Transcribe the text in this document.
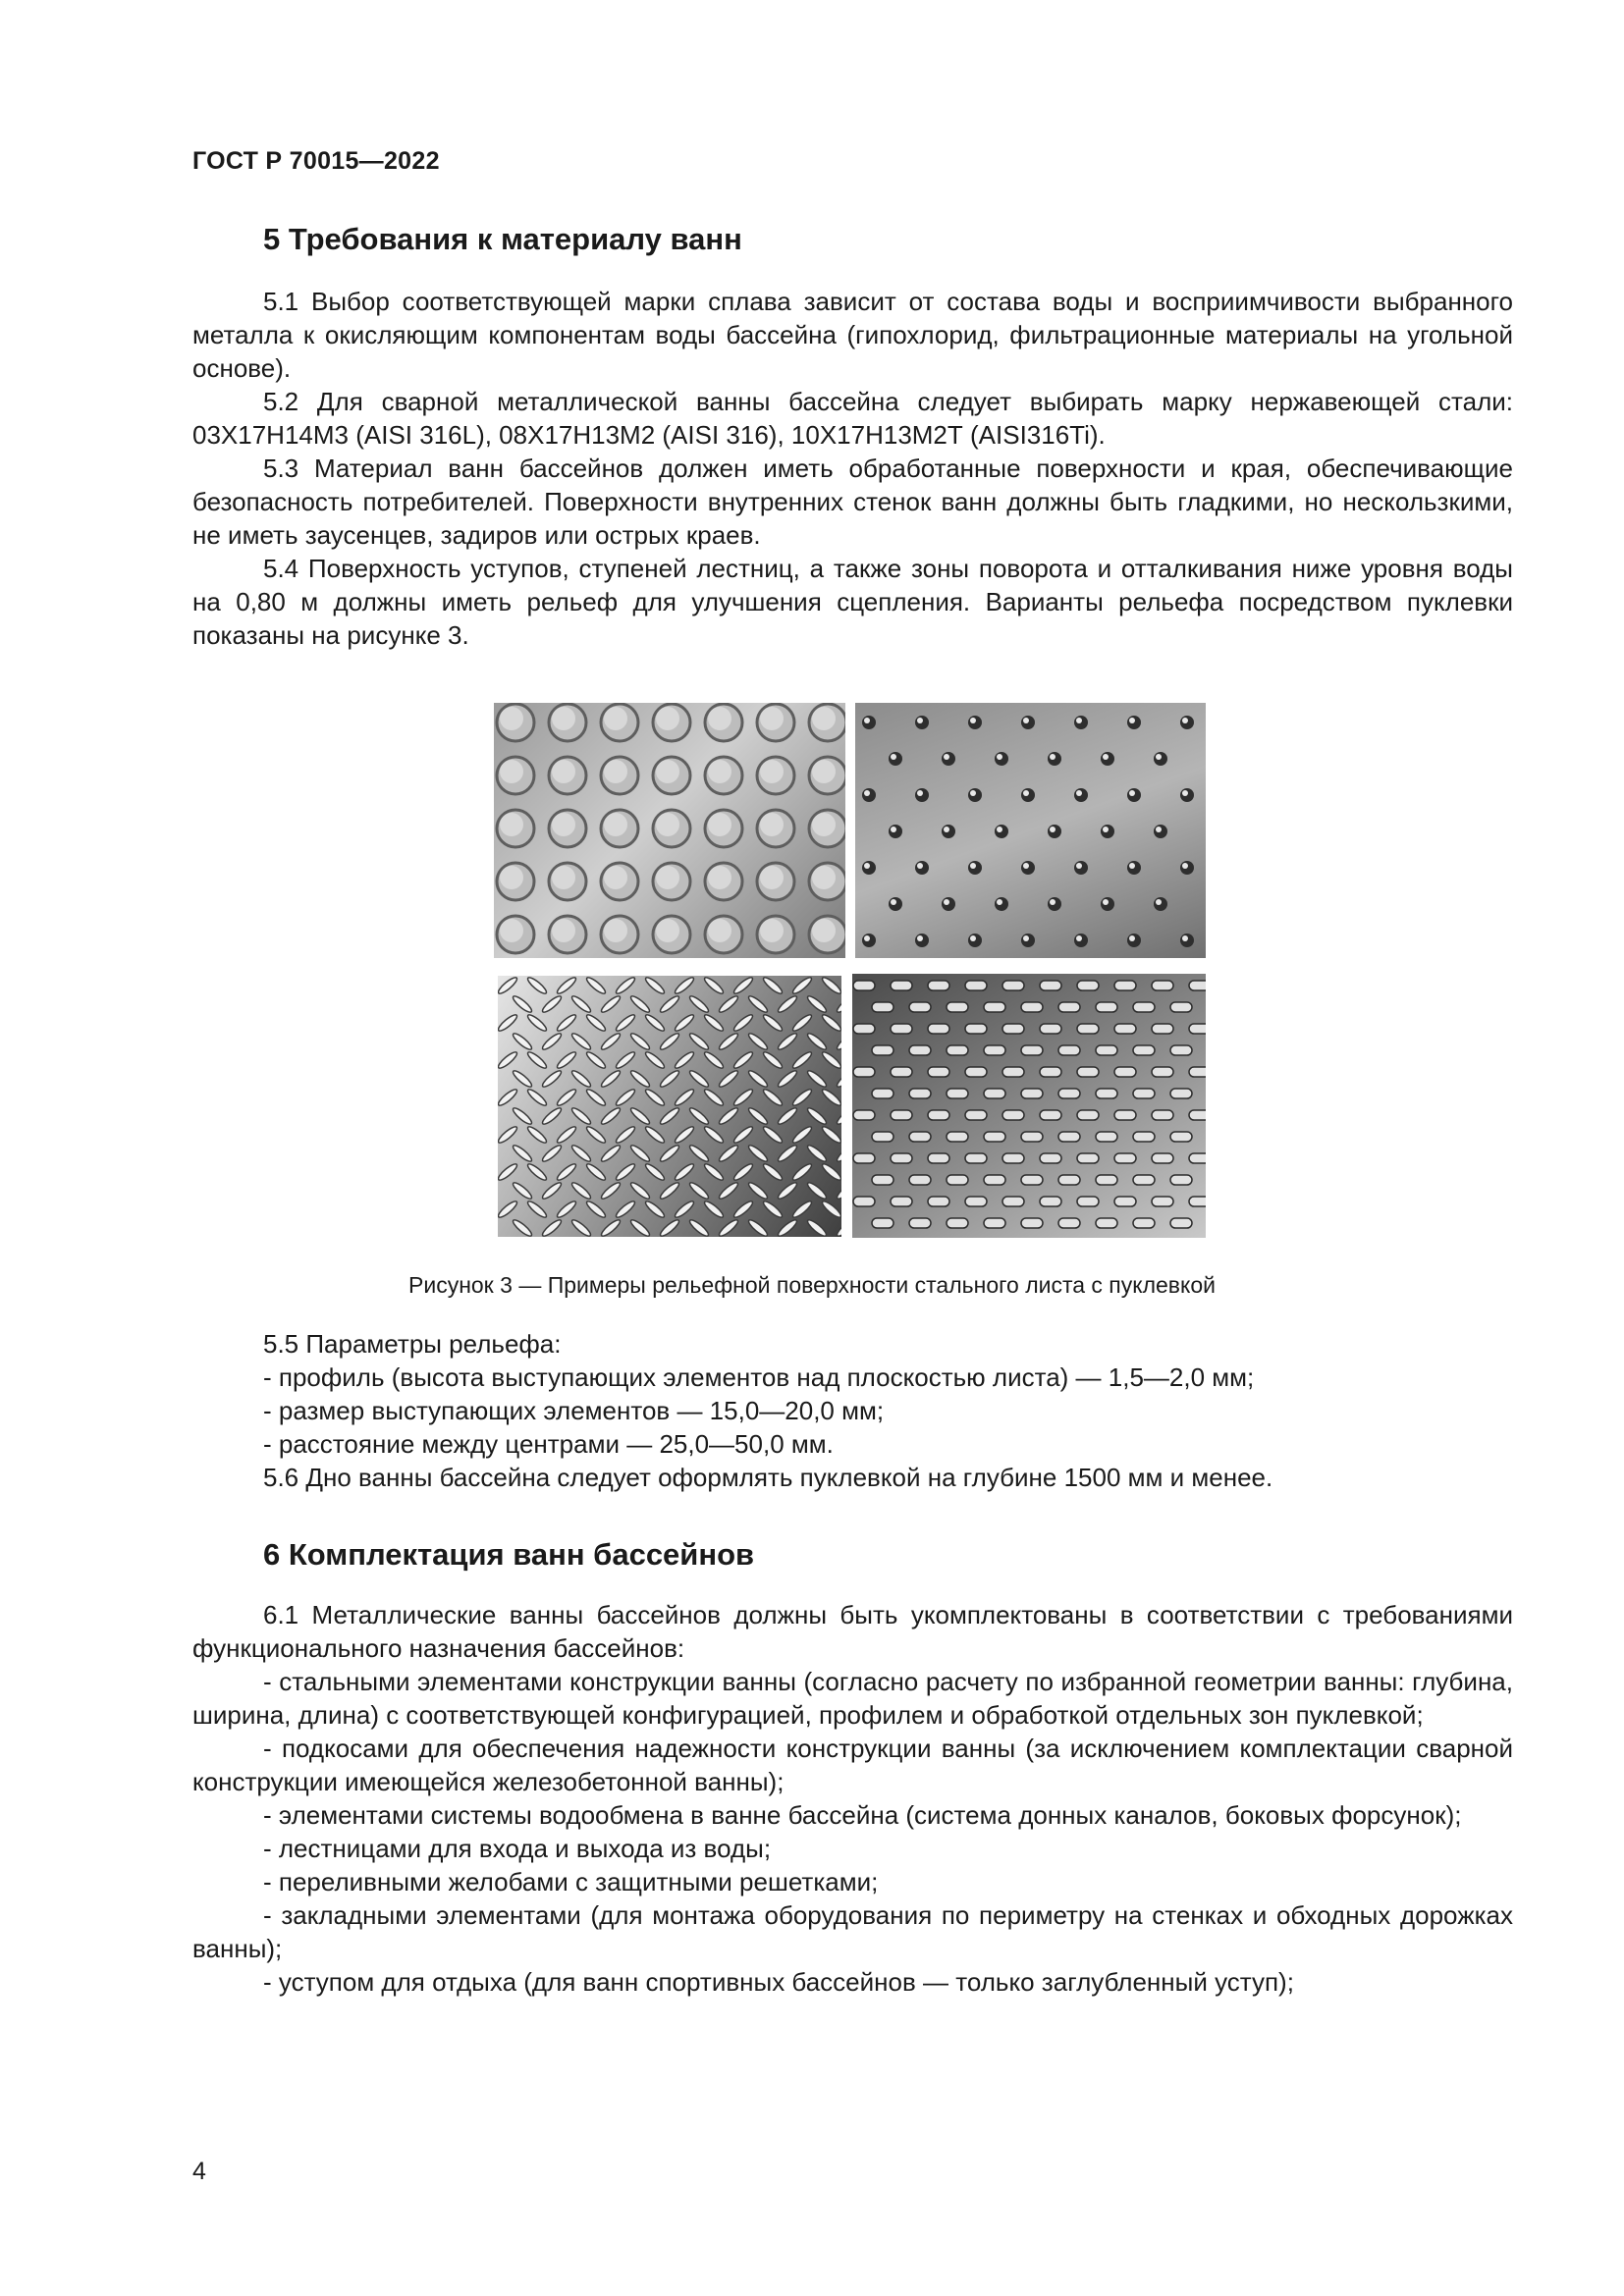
ГОСТ Р 70015—2022
5 Требования к материалу ванн

5.1 Выбор соответствующей марки сплава зависит от состава воды и восприимчивости выбранного металла к окисляющим компонентам воды бассейна (гипохлорид, фильтрационные материалы на угольной основе).

5.2 Для сварной металлической ванны бассейна следует выбирать марку нержавеющей стали: 03Х17Н14М3 (AISI 316L), 08Х17Н13М2 (AISI 316), 10Х17Н13М2Т (AISI316Ti).

5.3 Материал ванн бассейнов должен иметь обработанные поверхности и края, обеспечивающие безопасность потребителей. Поверхности внутренних стенок ванн должны быть гладкими, но нескользкими, не иметь заусенцев, задиров или острых краев.

5.4 Поверхность уступов, ступеней лестниц, а также зоны поворота и отталкивания ниже уровня воды на 0,80 м должны иметь рельеф для улучшения сцепления. Варианты рельефа посредством пуклевки показаны на рисунке 3.

Рисунок 3 — Примеры рельефной поверхности стального листа с пуклевкой

5.5 Параметры рельефа:

- профиль (высота выступающих элементов над плоскостью листа) — 1,5—2,0 мм;

- размер выступающих элементов — 15,0—20,0 мм;

- расстояние между центрами — 25,0—50,0 мм.

5.6 Дно ванны бассейна следует оформлять пуклевкой на глубине 1500 мм и менее.

6 Комплектация ванн бассейнов

6.1 Металлические ванны бассейнов должны быть укомплектованы в соответствии с требованиями функционального назначения бассейнов:

- стальными элементами конструкции ванны (согласно расчету по избранной геометрии ванны: глубина, ширина, длина) с соответствующей конфигурацией, профилем и обработкой отдельных зон пуклевкой;

- подкосами для обеспечения надежности конструкции ванны (за исключением комплектации сварной конструкции имеющейся железобетонной ванны);

- элементами системы водообмена в ванне бассейна (система донных каналов, боковых форсунок);

- лестницами для входа и выхода из воды;

- переливными желобами с защитными решетками;

- закладными элементами (для монтажа оборудования по периметру на стенках и обходных дорожках ванны);

- уступом для отдыха (для ванн спортивных бассейнов — только заглубленный уступ);

4
